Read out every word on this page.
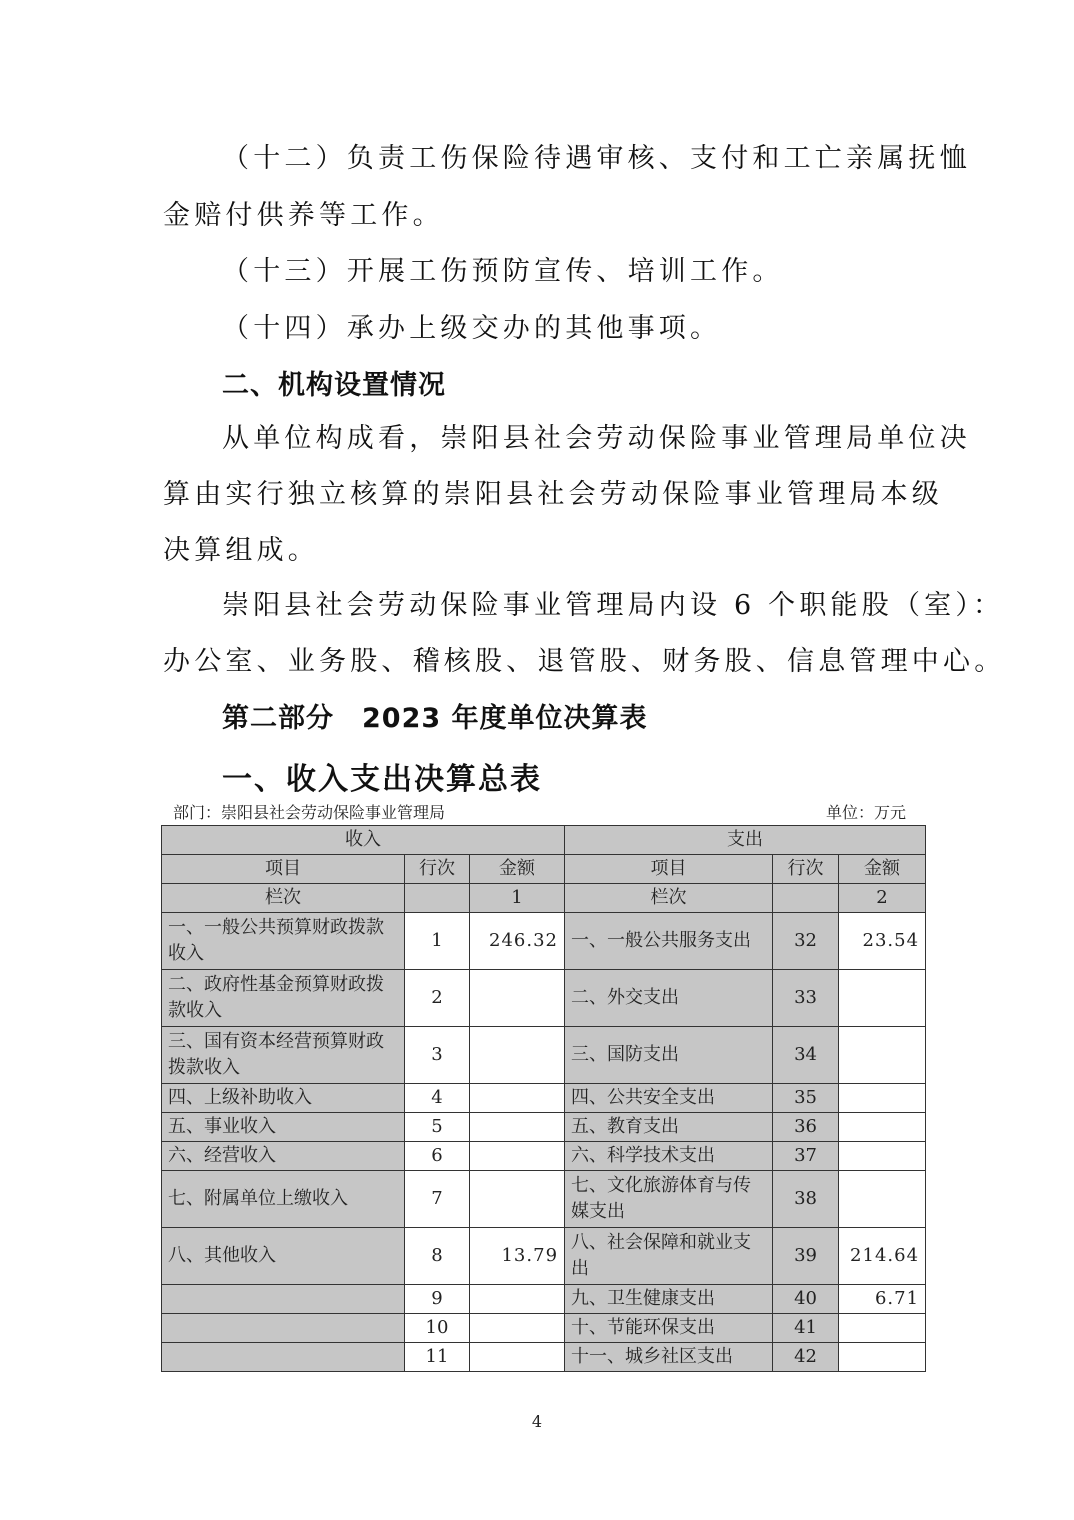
（十二）负责工伤保险待遇审核、支付和工亡亲属抚恤

金赔付供养等工作。

（十三）开展工伤预防宣传、培训工作。

（十四）承办上级交办的其他事项。

二、机构设置情况

从单位构成看，崇阳县社会劳动保险事业管理局单位决

算由实行独立核算的崇阳县社会劳动保险事业管理局本级

决算组成。

崇阳县社会劳动保险事业管理局内设 6 个职能股（室）：

办公室、业务股、稽核股、退管股、财务股、信息管理中心。

第二部分　2023 年度单位决算表
一、收入支出决算总表
部门：崇阳县社会劳动保险事业管理局	单位：万元
收入			支出		
项目	行次	金额	项目	行次	金额
栏次		1	栏次		2
一、一般公共预算财政拨款收入	1	246.32	一、一般公共服务支出	32	23.54
二、政府性基金预算财政拨款收入	2		二、外交支出	33	
三、国有资本经营预算财政拨款收入	3		三、国防支出	34	
四、上级补助收入	4		四、公共安全支出	35	
五、事业收入	5		五、教育支出	36	
六、经营收入	6		六、科学技术支出	37	
七、附属单位上缴收入	7		七、文化旅游体育与传媒支出	38	
八、其他收入	8	13.79	八、社会保障和就业支出	39	214.64
	9		九、卫生健康支出	40	6.71
	10		十、节能环保支出	41	
	11		十一、城乡社区支出	42	
4
